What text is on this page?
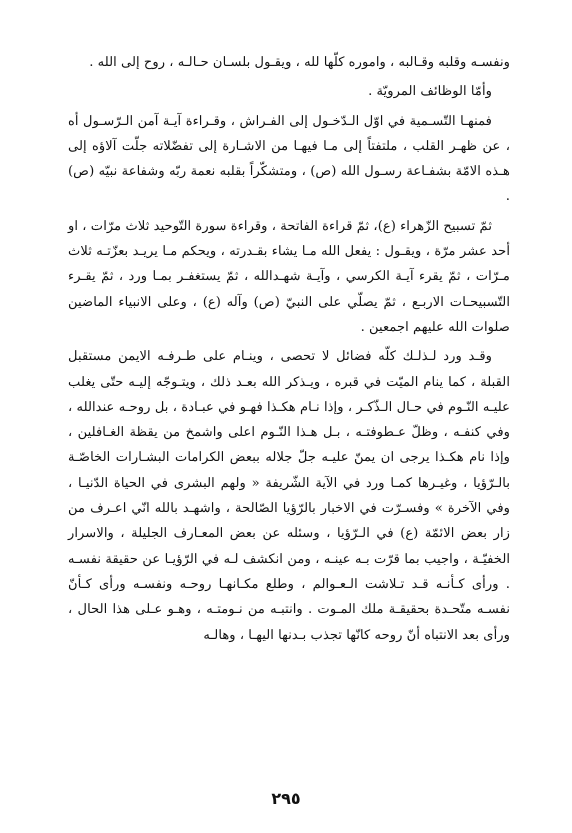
ونفسـه وقلبه وقـالبه ، واموره كلّها لله ، ويقـول بلسـان حـالـه ، روح إلى الله .

وأمّا الوظائف المرويّة .

فمنهـا التّسـمية في اوّل الـدّخـول إلى الفـراش ، وقـراءة آيـة آمن الـرّسـول أه ، عن ظهـر القلب ، ملتفتاً إلى مـا فيهـا من الاشـارة إلى تفضّلاته جلّت آلاؤه إلى هـذه الامّة بشفـاعة رسـول الله (ص) ، ومتشكّراً بقلبه نعمة ربّه وشفاعة نبيّه (ص) .

ثمّ تسبيح الزّهراء (ع)، ثمّ قراءة الفاتحة ، وقراءة سورة التّوحيد ثلاث مرّات ، او أحد عشر مرّة ، ويقـول : يفعل الله مـا يشاء بقـدرته ، ويحكم مـا يريـد بعزّتـه ثلاث مـرّات ، ثمّ يقرء آيـة الكرسي ، وآيـة شهـدالله ، ثمّ يستغفـر بمـا ورد ، ثمّ يقـرء التّسبيحـات الاربـع ، ثمّ يصلّي على النبيّ (ص) وآله (ع) ، وعلى الانبياء الماضين صلوات الله عليهم اجمعين .

وقـد ورد لـذلـك كلّه فضائل لا تحصى ، وينـام على طـرفـه الايمن مستقبل القبلة ، كما ينام الميّت في قبره ، ويـذكر الله بعـد ذلك ، ويتـوجّه إليـه حتّى يغلب عليـه النّـوم في حـال الـذّكـر ، وإذا نـام هكـذا فهـو في عبـادة ، بل روحـه عندالله ، وفي كنفـه ، وظلّ عـطوفتـه ، بـل هـذا النّـوم اعلى واشمخ من يقظة الغـافلين ، وإذا نام هكـذا يرجى ان يمنّ عليـه جلّ جلاله ببعض الكرامات البشـارات الخاصّـة بالـرّؤيا ، وغيـرها كمـا ورد في الآية الشّريفة « ولهم البشرى في الحياة الدّنيـا ، وفي الآخرة » وفسـرّت في الاخبار بالرّؤيا الصّالحة ، واشهـد بالله انّي اعـرف من زار بعض الائمّة (ع) في الـرّؤيا ، وسئله عن بعض المعـارف الجليلة ، والاسرار الخفيّـة ، واجيب بما قرّت بـه عينـه ، ومن انكشف لـه في الرّؤيـا عن حقيقة نفسـه . ورأى كـأنـه قـد تـلاشت الـعـوالم ، وطلع مكـانهـا روحـه ونفسـه ورأى كـأنّ نفسـه متّحـدة بحقيقـة ملك المـوت . وانتبـه من نـومتـه ، وهـو عـلى هذا الحال ، ورأى بعد الانتباه أنّ روحه كانّها تجذب بـدنها اليهـا ، وهالـه

٢٩٥
